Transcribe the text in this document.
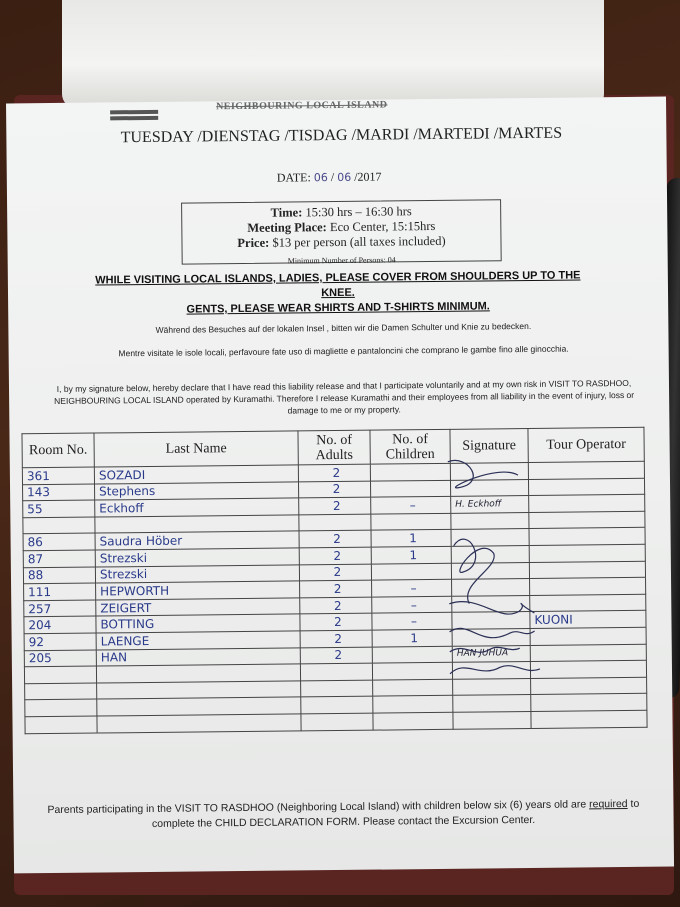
NEIGHBOURING LOCAL ISLAND
TUESDAY /DIENSTAG /TISDAG /MARDI /MARTEDI /MARTES
DATE: 06 / 06 /2017
Time: 15:30 hrs – 16:30 hrs
Meeting Place: Eco Center, 15:15hrs
Price: $13 per person (all taxes included)
Minimum Number of Persons: 04
WHILE VISITING LOCAL ISLANDS, LADIES, PLEASE COVER FROM SHOULDERS UP TO THE KNEE.
GENTS, PLEASE WEAR SHIRTS AND T-SHIRTS MINIMUM.
Während des Besuches auf der lokalen Insel , bitten wir die Damen Schulter und Knie zu bedecken.
Mentre visitate le isole locali, perfavoure fate uso di magliette e pantaloncini che comprano le gambe fino alle ginocchia.
I, by my signature below, hereby declare that I have read this liability release and that I participate voluntarily and at my own risk in VISIT TO RASDHOO, NEIGHBOURING LOCAL ISLAND operated by Kuramathi. Therefore I release Kuramathi and their employees from all liability in the event of injury, loss or damage to me or my property.
Room No.	Last Name	No. of Adults	No. of Children	Signature	Tour Operator
361	SOZADI	2			
143	Stephens	2			
55	Eckhoff	2	–	H. Eckhoff	

86	Saudra Höber	2	1		
87	Strezski	2	1		
88	Strezski	2			
111	HEPWORTH	2	–		
257	ZEIGERT	2	–		
204	BOTTING	2	–		KUONI
92	LAENGE	2	1		
205	HAN	2		HAN JUHUA	

Parents participating in the VISIT TO RASDHOO (Neighboring Local Island) with children below six (6) years old are required to complete the CHILD DECLARATION FORM. Please contact the Excursion Center.
